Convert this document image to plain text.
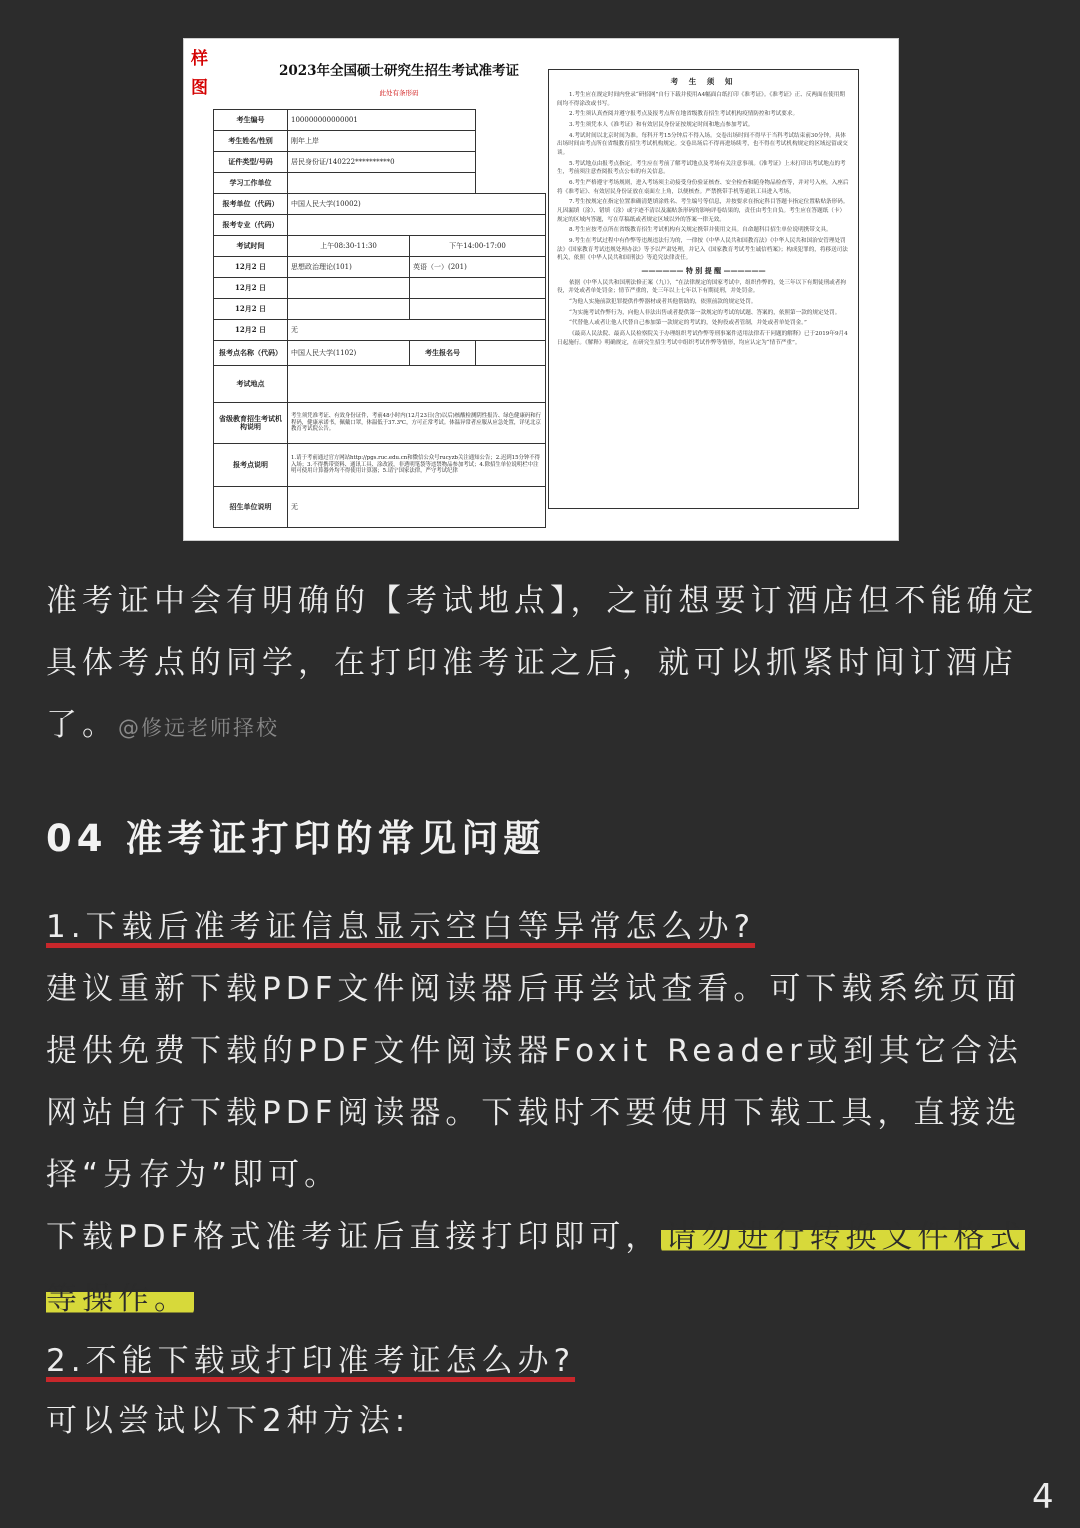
样图
2023年全国硕士研究生招生考试准考证
此处有条形码
考生编号	100000000000001		
考生姓名/性别	刚年上岸		
证件类型/号码	居民身份证/140222**********0		
学习工作单位			
报考单位（代码）	中国人民大学(10002)		
报考专业（代码）			
考试时间	上午08:30-11:30	下午14:00-17:00	
12月2 日	思想政治理论(101)	英语（一）(201)	
12月2 日			
12月2 日			
12月2 日	无		
报考点名称（代码）	中国人民大学(1102)	考生报名号	
考试地点			
省级教育招生考试机构说明	考生须凭准考证、有效身份证件，考前48小时内(12月23日(含)以后)核酸检测阴性报告、绿色健康码和行程码，健康承诺书，佩戴口罩，体温低于37.3℃，方可正常考试。体温异常者应服从应急处置，详见北京教育考试院公告。		
报考点说明	1.请于考前通过官方网站http://pgs.ruc.edu.cn和微信公众号rucyzb关注通知公告；2.迟到15分钟不得入场；3.不得携带资料、通讯工具、涂改液，非透明笔袋等违禁物品参加考试；4.除招生单位说明栏中注明可使用计算器外均不得使用计算器；5.请宁国家法律，严守考试纪律		
招生单位说明	无		
考 生 须 知

1.考生应在规定时间内登录“研招网”自行下载并使用A4幅面白纸打印《准考证》。《准考证》正、反两面在使用期间均不得涂改或书写。

2.考生须认真查阅并遵守报考点及报考点所在地省级教育招生考试机构疫情防控和考试要求。

3.考生须凭本人《准考证》和有效居民身份证按规定时间和地点参加考试。

4.考试时间以北京时间为准。每科开考15分钟后不得入场。交卷出场时间不得早于当科考试结束前30分钟。具体出场时间由考点所在省级教育招生考试机构规定。交卷出场后不得再进场续考，也不得在考试机构规定的区域逗留或交谈。

5.考试地点由报考点指定。考生应在考前了解考试地点及考场有关注意事项。《准考证》上未打印出考试地点的考生，考前须注意查阅报考点公布的有关信息。

6.考生严格遵守考场规则，进入考场须主动接受身份验证核查、安全检查和随身物品检查等，并对号入座，入座后将《准考证》、有效居民身份证放在桌面左上角，以便核查。严禁携带手机等通讯工具进入考场。

7.考生按规定在指定位置准确清楚填涂姓名、考生编号等信息，并按要求在指定科目答题卡指定位置粘贴条形码。凡因漏填（涂）、错填（涂）或字迹不清以及漏贴条形码的影响评卷结果的，责任由考生自负。考生应在答题纸（卡）规定的区域内答题，写在草稿纸或者规定区域以外的答案一律无效。

8.考生应按考点所在省级教育招生考试机构有关规定携带并使用文具。自命题科目招生单位说明携带文具。

9.考生在考试过程中有作弊等违规违法行为的，一律按《中华人民共和国教育法》《中华人民共和国治安管理处罚法》《国家教育考试违规处理办法》等予以严肃处理，并记入《国家教育考试考生诚信档案》；构成犯罪的，将移送司法机关，依照《中华人民共和国刑法》等追究法律责任。

—————— 特 别 提 醒 ——————

依据《中华人民共和国刑法修正案（九）》，“在法律规定的国家考试中，组织作弊的，处三年以下有期徒刑或者拘役，并处或者单处罚金；情节严重的，处三年以上七年以下有期徒刑，并处罚金。

“为他人实施前款犯罪提供作弊器材或者其他帮助的，依照前款的规定处罚。

“为实施考试作弊行为，向他人非法出售或者提供第一款规定的考试的试题、答案的，依照第一款的规定处罚。

“代替他人或者让他人代替自己参加第一款规定的考试的，处拘役或者管制，并处或者单处罚金。”

《最高人民法院、最高人民检察院关于办理组织考试作弊等刑事案件适用法律若干问题的解释》已于2019年9月4日起施行。《解释》明确规定，在研究生招生考试中组织考试作弊等情形，均应认定为“情节严重”。

准考证中会有明确的【考试地点】，之前想要订酒店但不能确定具体考点的同学，在打印准考证之后，就可以抓紧时间订酒店了。@修远老师择校

04 准考证打印的常见问题

1.下载后准考证信息显示空白等异常怎么办?

建议重新下载PDF文件阅读器后再尝试查看。可下载系统页面提供免费下载的PDF文件阅读器Foxit Reader或到其它合法网站自行下载PDF阅读器。下载时不要使用下载工具，直接选择“另存为”即可。

下载PDF格式准考证后直接打印即可， 请勿进行转换文件格式等操作。

2.不能下载或打印准考证怎么办?

可以尝试以下2种方法:

4
